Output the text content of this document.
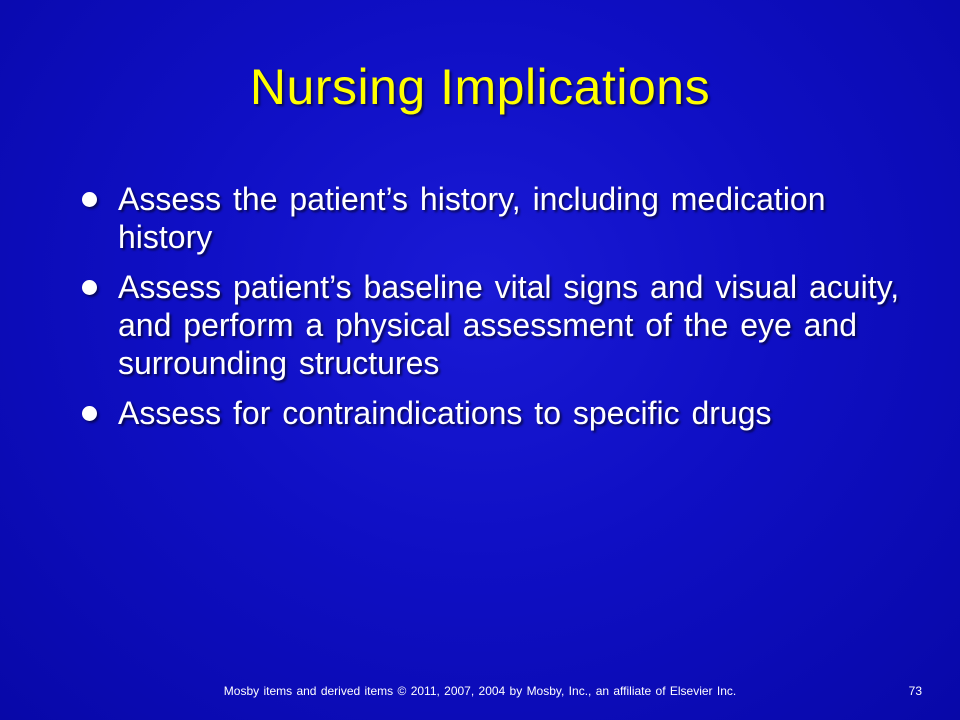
Nursing Implications
Assess the patient’s history, including medication history
Assess patient’s baseline vital signs and visual acuity, and perform a physical assessment of the eye and surrounding structures
Assess for contraindications to specific drugs
Mosby items and derived items © 2011, 2007, 2004 by Mosby, Inc., an affiliate of Elsevier Inc.	73
